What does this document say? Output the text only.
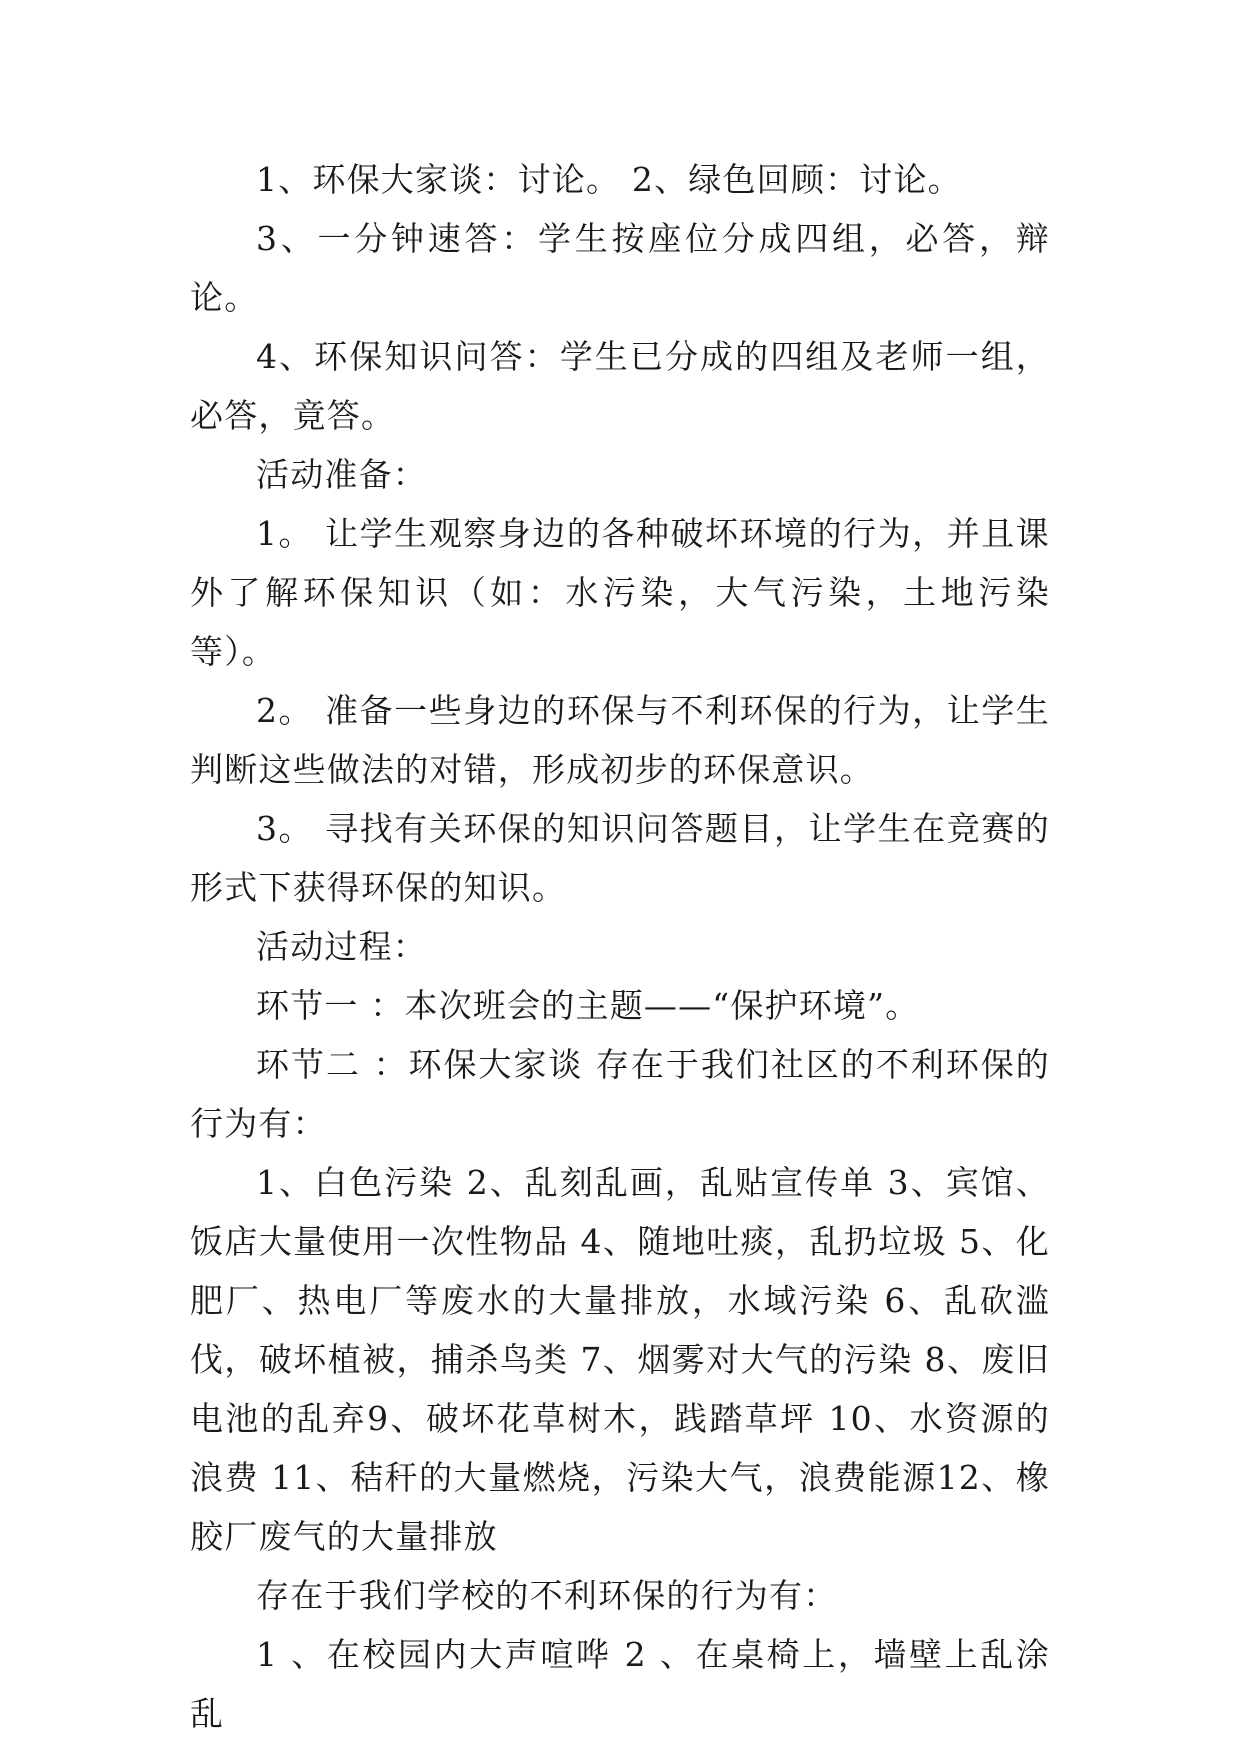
1、环保大家谈：讨论。 2、绿色回顾：讨论。

3、一分钟速答：学生按座位分成四组，必答，辩论。

4、环保知识问答：学生已分成的四组及老师一组，必答，竟答。

活动准备：

1。 让学生观察身边的各种破坏环境的行为，并且课外了解环保知识（如：水污染，大气污染，土地污染等）。

2。 准备一些身边的环保与不利环保的行为，让学生判断这些做法的对错，形成初步的环保意识。

3。 寻找有关环保的知识问答题目，让学生在竞赛的形式下获得环保的知识。

活动过程：

环节一 ：本次班会的主题——“保护环境”。

环节二 ：环保大家谈 存在于我们社区的不利环保的行为有：

1、白色污染 2、乱刻乱画，乱贴宣传单 3、宾馆、饭店大量使用一次性物品 4、随地吐痰，乱扔垃圾 5、化肥厂、热电厂等废水的大量排放，水域污染 6、乱砍滥伐，破坏植被，捕杀鸟类 7、烟雾对大气的污染 8、废旧电池的乱弃9、破坏花草树木，践踏草坪 10、水资源的浪费 11、秸秆的大量燃烧，污染大气，浪费能源12、橡胶厂废气的大量排放

存在于我们学校的不利环保的行为有：

1 、在校园内大声喧哗 2 、在桌椅上，墙壁上乱涂乱
